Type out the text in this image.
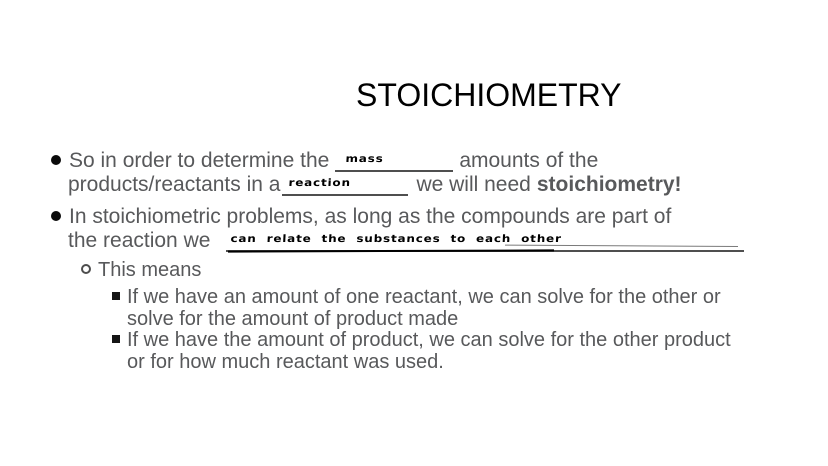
STOICHIOMETRY
So in order to determine the mass	amounts of the
products/reactants in a reaction	we will need stoichiometry!
In stoichiometric problems, as long as the compounds are part of
the reaction we can relate the substances to each other
This means
If we have an amount of one reactant, we can solve for the other or
solve for the amount of product made
If we have the amount of product, we can solve for the other product
or for how much reactant was used.
